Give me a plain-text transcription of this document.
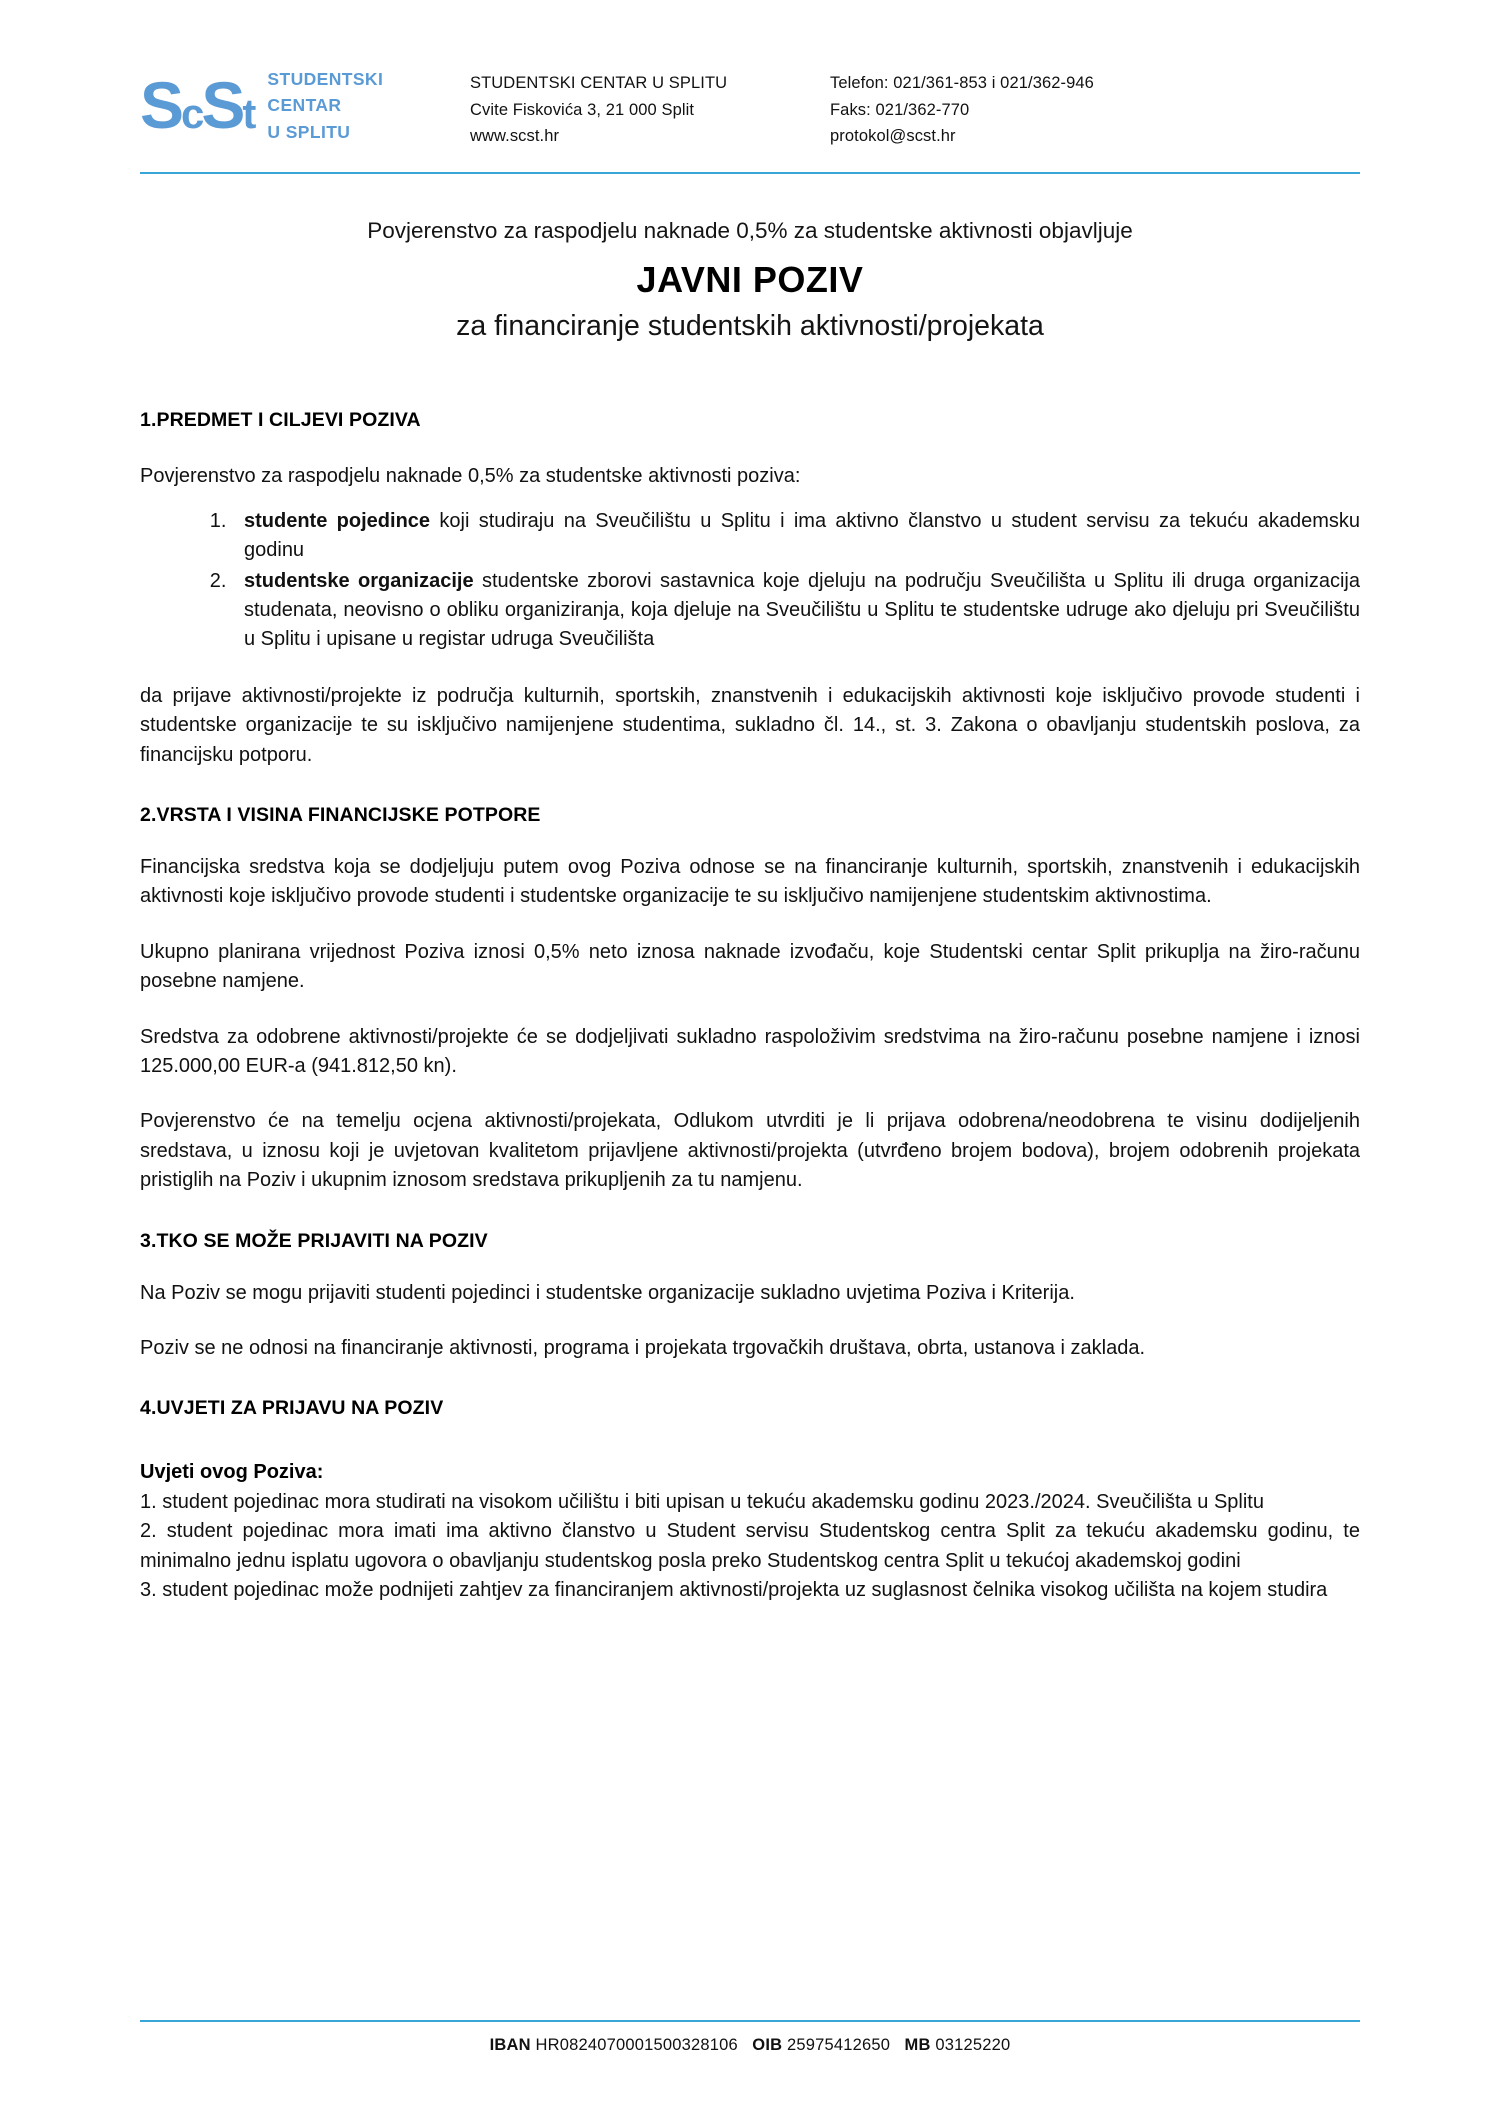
ScSt
STUDENTSKI
CENTAR
U SPLITU
STUDENTSKI CENTAR U SPLITU
Cvite Fiskovića 3, 21 000 Split
www.scst.hr
Telefon: 021/361-853 i 021/362-946
Faks: 021/362-770
protokol@scst.hr
Povjerenstvo za raspodjelu naknade 0,5% za studentske aktivnosti objavljuje
JAVNI POZIV
za financiranje studentskih aktivnosti/projekata
1.PREDMET I CILJEVI POZIVA

Povjerenstvo za raspodjelu naknade 0,5% za studentske aktivnosti poziva:

1. studente pojedince koji studiraju na Sveučilištu u Splitu i ima aktivno članstvo u student servisu za tekuću akademsku godinu
2. studentske organizacije studentske zborovi sastavnica koje djeluju na području Sveučilišta u Splitu ili druga organizacija studenata, neovisno o obliku organiziranja, koja djeluje na Sveučilištu u Splitu te studentske udruge ako djeluju pri Sveučilištu u Splitu i upisane u registar udruga Sveučilišta

da prijave aktivnosti/projekte iz područja kulturnih, sportskih, znanstvenih i edukacijskih aktivnosti koje isključivo provode studenti i studentske organizacije te su isključivo namijenjene studentima, sukladno čl. 14., st. 3. Zakona o obavljanju studentskih poslova, za financijsku potporu.

2.VRSTA I VISINA FINANCIJSKE POTPORE

Financijska sredstva koja se dodjeljuju putem ovog Poziva odnose se na financiranje kulturnih, sportskih, znanstvenih i edukacijskih aktivnosti koje isključivo provode studenti i studentske organizacije te su isključivo namijenjene studentskim aktivnostima.

Ukupno planirana vrijednost Poziva iznosi 0,5% neto iznosa naknade izvođaču, koje Studentski centar Split prikuplja na žiro-računu posebne namjene.

Sredstva za odobrene aktivnosti/projekte će se dodjeljivati sukladno raspoloživim sredstvima na žiro-računu posebne namjene i iznosi 125.000,00 EUR-a (941.812,50 kn).

Povjerenstvo će na temelju ocjena aktivnosti/projekata, Odlukom utvrditi je li prijava odobrena/neodobrena te visinu dodijeljenih sredstava, u iznosu koji je uvjetovan kvalitetom prijavljene aktivnosti/projekta (utvrđeno brojem bodova), brojem odobrenih projekata pristiglih na Poziv i ukupnim iznosom sredstava prikupljenih za tu namjenu.

3.TKO SE MOŽE PRIJAVITI NA POZIV

Na Poziv se mogu prijaviti studenti pojedinci i studentske organizacije sukladno uvjetima Poziva i Kriterija.

Poziv se ne odnosi na financiranje aktivnosti, programa i projekata trgovačkih društava, obrta, ustanova i zaklada.

4.UVJETI ZA PRIJAVU NA POZIV
Uvjeti ovog Poziva:
1. student pojedinac mora studirati na visokom učilištu i biti upisan u tekuću akademsku godinu 2023./2024. Sveučilišta u Splitu
2. student pojedinac mora imati ima aktivno članstvo u Student servisu Studentskog centra Split za tekuću akademsku godinu, te minimalno jednu isplatu ugovora o obavljanju studentskog posla preko Studentskog centra Split u tekućoj akademskoj godini
3. student pojedinac može podnijeti zahtjev za financiranjem aktivnosti/projekta uz suglasnost čelnika visokog učilišta na kojem studira
IBAN HR0824070001500328106 OIB 25975412650 MB 03125220
